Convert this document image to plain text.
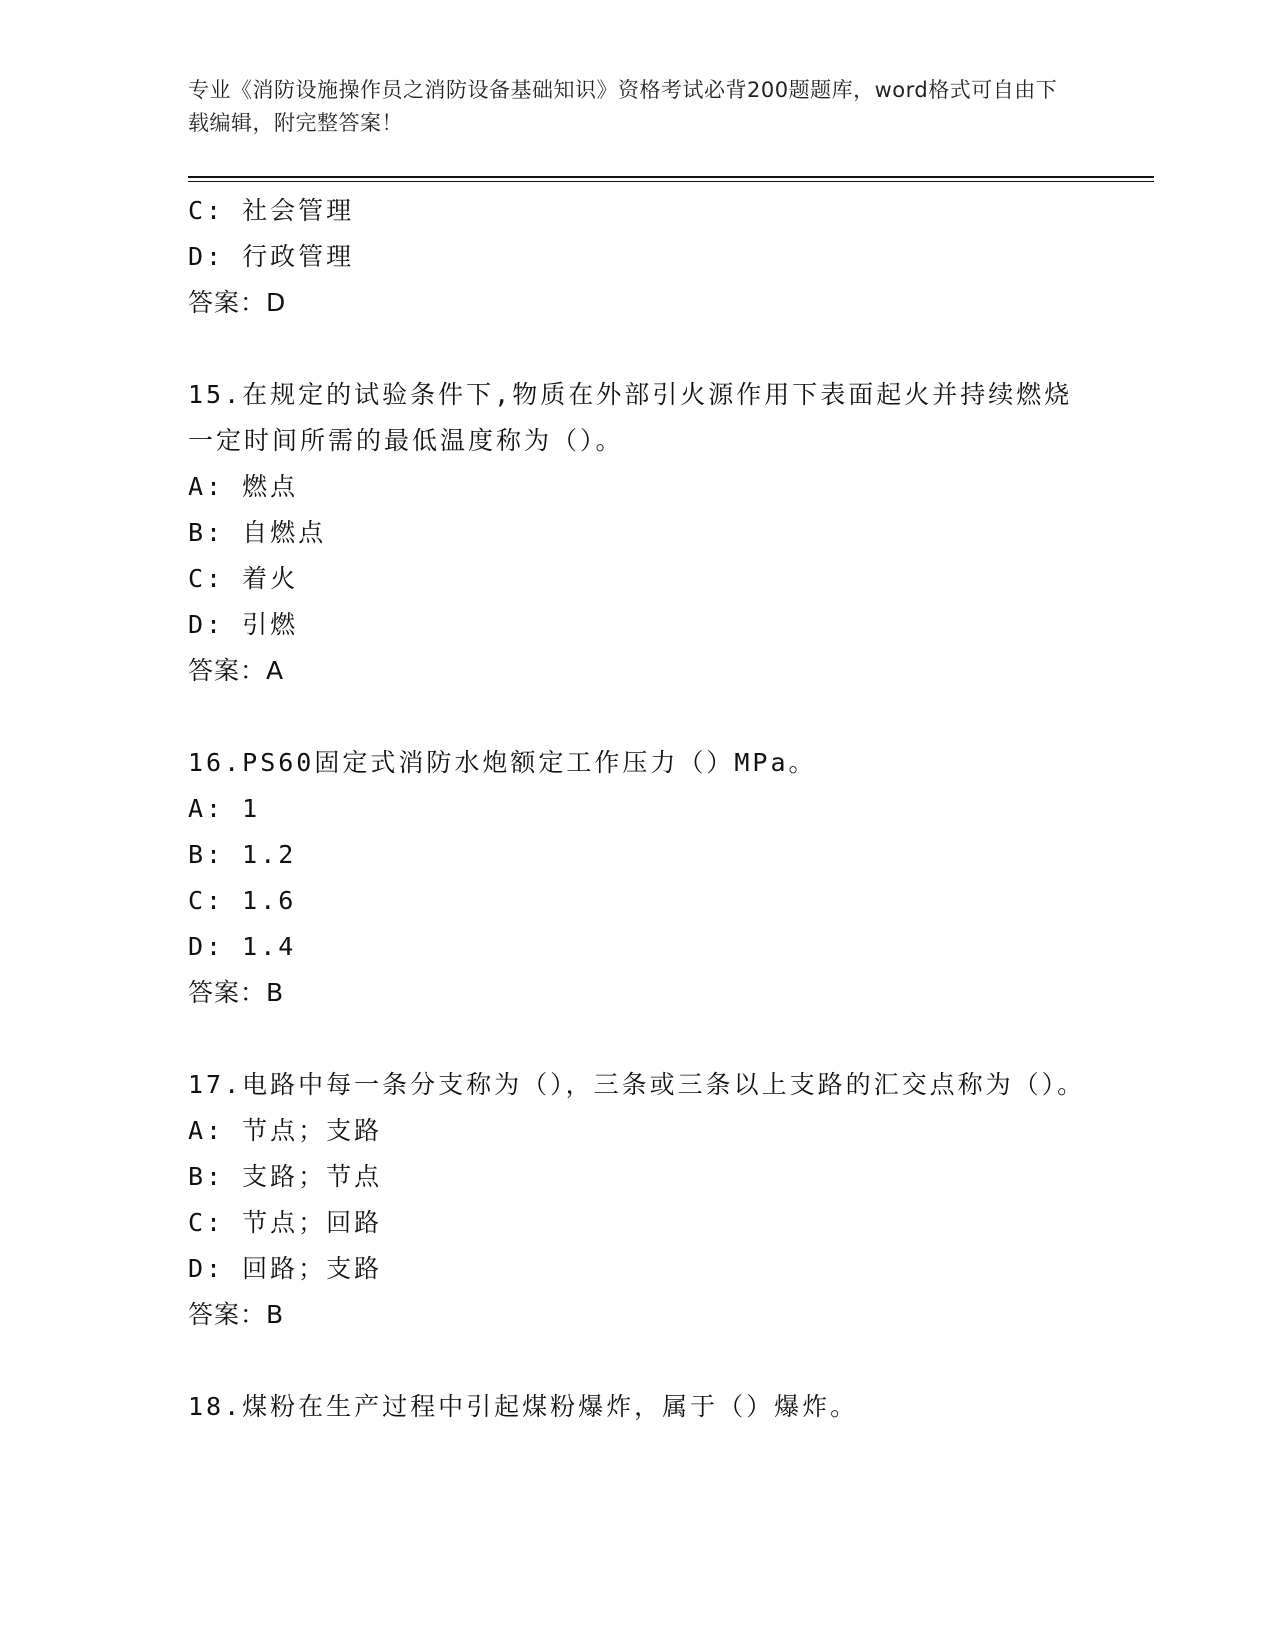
专业《消防设施操作员之消防设备基础知识》资格考试必背200题题库，word格式可自由下载编辑，附完整答案！

C: 社会管理

D: 行政管理

答案：D

15.在规定的试验条件下,物质在外部引火源作用下表面起火并持续燃烧一定时间所需的最低温度称为（）。

A: 燃点

B: 自燃点

C: 着火

D: 引燃

答案：A

16.PS60固定式消防水炮额定工作压力（）MPa。

A: 1

B: 1.2

C: 1.6

D: 1.4

答案：B

17.电路中每一条分支称为（），三条或三条以上支路的汇交点称为（）。

A: 节点；支路

B: 支路；节点

C: 节点；回路

D: 回路；支路

答案：B

18.煤粉在生产过程中引起煤粉爆炸，属于（）爆炸。
